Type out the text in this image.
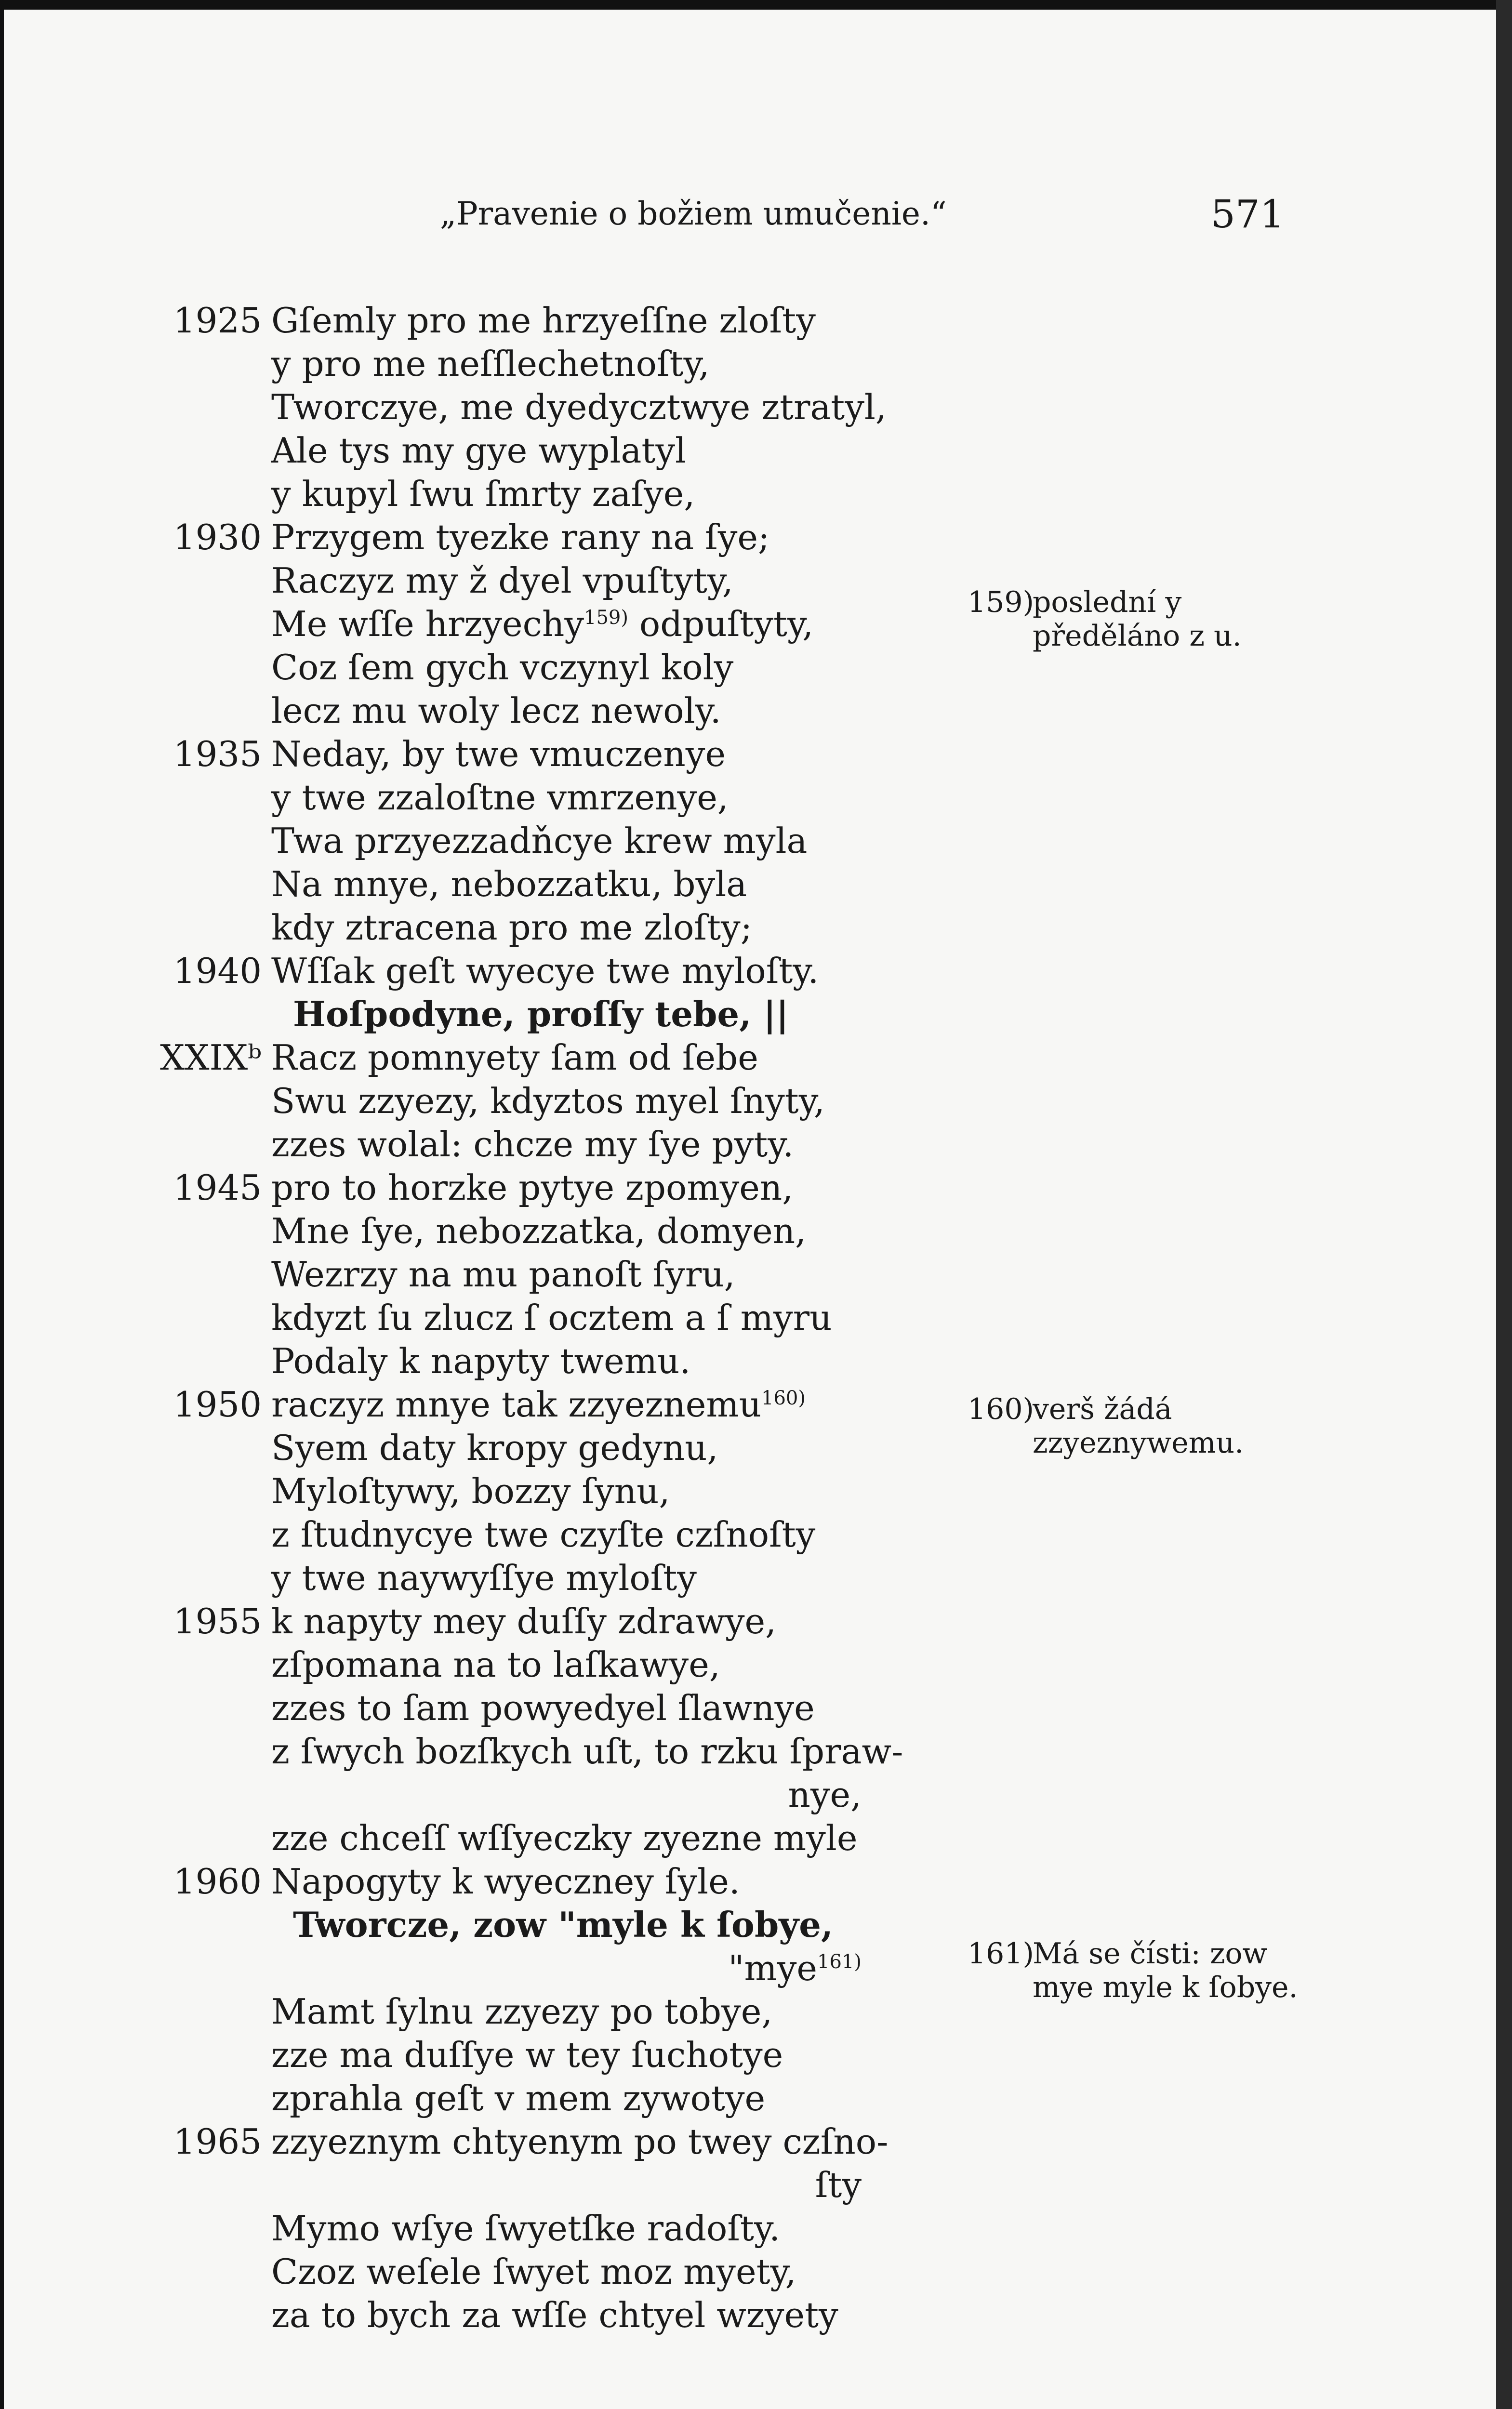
„Pravenie o božiem umučenie.“	571
1925 Gſemly pro me hrzyeſſne zloſty
y pro me neſſlechetnoſty,
Tworczye, me dyedycztwye ztratyl,
Ale tys my gye wyplatyl
y kupyl ſwu ſmrty zaſye,
1930 Przygem tyezke rany na ſye;
Raczyz my ž dyel vpuſtyty,
Me wſſe hrzyechy$^{159)}$ odpuſtyty,
Coz ſem gych vczynyl koly
lecz mu woly lecz newoly.
1935 Neday, by twe vmuczenye
y twe zzaloſtne vmrzenye,
Twa przyezzadňcye krew myla
Na mnye, nebozzatku, byla
kdy ztracena pro me zloſty;
1940 Wſſak geſt wyecye twe myloſty.
Hoſpodyne, proſſy tebe, ||
XXIXᵇ Racz pomnyety ſam od ſebe
Swu zzyezy, kdyztos myel ſnyty,
zzes wolal: chcze my ſye pyty.
1945 pro to horzke pytye zpomyen,
Mne ſye, nebozzatka, domyen,
Wezrzy na mu panoſt ſyru,
kdyzt ſu zlucz ſ ocztem a ſ myru
Podaly k napyty twemu.
1950 raczyz mnye tak zzyeznemu$^{160)}$
Syem daty kropy gedynu,
Myloſtywy, bozzy ſynu,
z ſtudnycye twe czyſte czſnoſty
y twe naywyſſye myloſty
1955 k napyty mey duſſy zdrawye,
zſpomana na to laſkawye,
zzes to ſam powyedyel ſlawnye
z ſwych bozſkych uſt, to rzku ſpraw-
nye,
zze chceſſ wſſyeczky zyezne myle
1960 Napogyty k wyeczney ſyle.
Tworcze, zow "myle k ſobye,
"mye$^{161)}$
Mamt ſylnu zzyezy po tobye,
zze ma duſſye w tey ſuchotye
zprahla geſt v mem zywotye
1965 zzyeznym chtyenym po twey czſno-
ſty
Mymo wſye ſwyetſke radoſty.
Czoz weſele ſwyet moz myety,
za to bych za wſſe chtyel wzyety
159)
poslední y předěláno z u.
160)
verš žádá zzyeznywemu.
161)
Má se čísti: zow mye myle k ſobye.
